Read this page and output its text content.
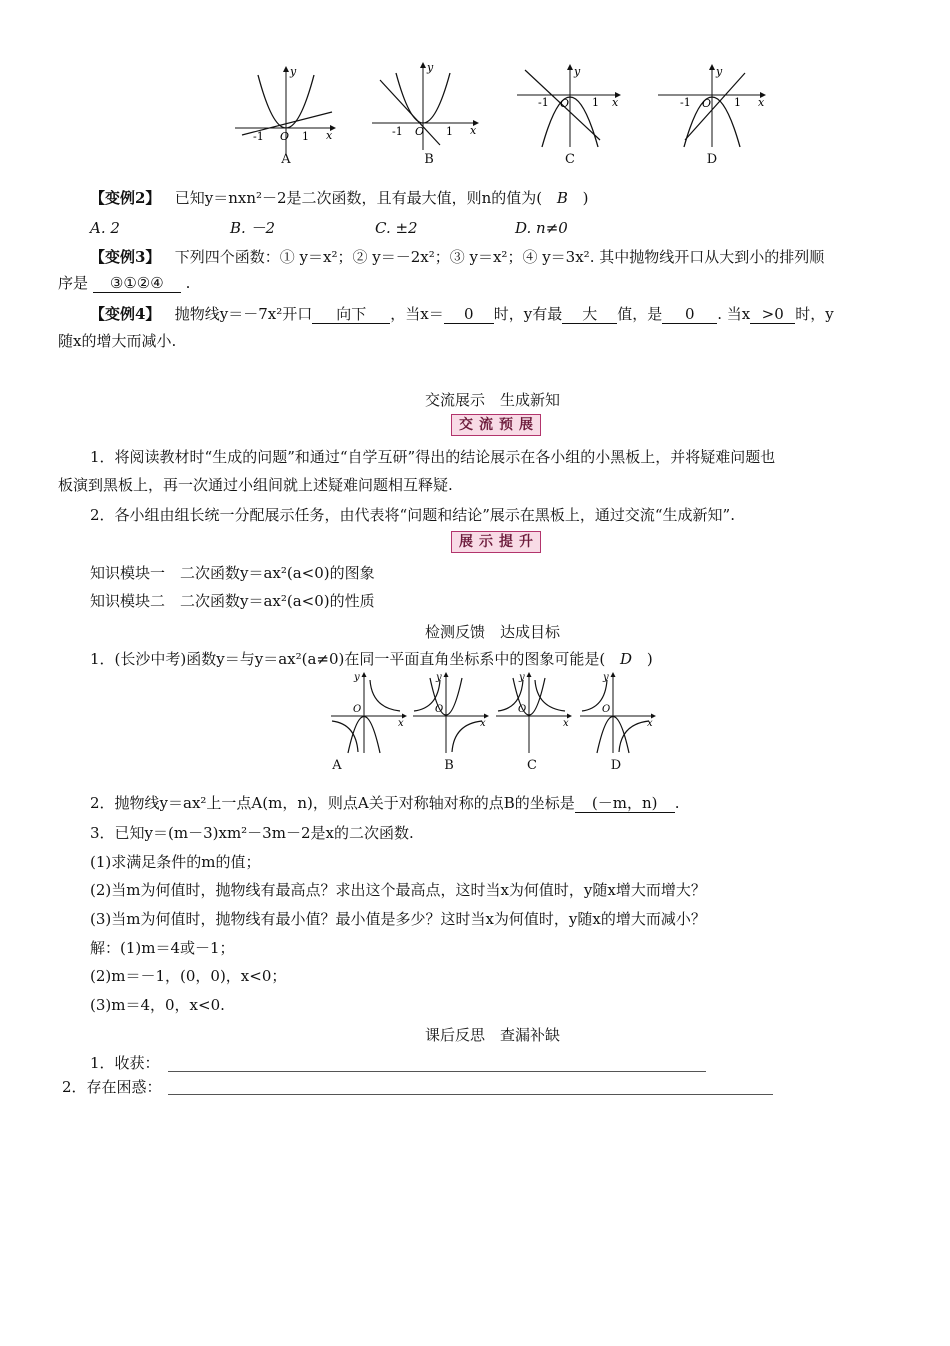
y
x
O
-1	1
y
x
O
-1	1
y
x
O
-1	1
y
x
O
-1	1
A	B	C	D
【变例2】 已知y＝nxn²－2是二次函数，且有最大值，则n的值为( B )
A. 2	B. －2	C. ±2	D. n≠0
【变例3】 下列四个函数：① y＝x²；② y＝－2x²；③ y＝x²；④ y＝3x². 其中抛物线开口从大到小的排列顺
序是 ③①②④ .
【变例4】 抛物线y＝－7x²开口 向下 ，当x＝ 0 时，y有最 大 值，是 0 . 当x >0 时，y
随x的增大而减小.
交流展示　生成新知
交流预展
1．将阅读教材时“生成的问题”和通过“自学互研”得出的结论展示在各小组的小黑板上，并将疑难问题也
板演到黑板上，再一次通过小组间就上述疑难问题相互释疑.
2．各小组由组长统一分配展示任务，由代表将“问题和结论”展示在黑板上，通过交流“生成新知”.
展示提升
知识模块一　二次函数y＝ax²(a<0)的图象
知识模块二　二次函数y＝ax²(a<0)的性质
检测反馈　达成目标
1．(长沙中考)函数y＝与y＝ax²(a≠0)在同一平面直角坐标系中的图象可能是( D )
y
x
O
y
x
O
y
x
O
y
x
O
A	B	C	D
2．抛物线y＝ax²上一点A(m，n)，则点A关于对称轴对称的点B的坐标是 (－m，n) .
3．已知y＝(m－3)xm²－3m－2是x的二次函数.
(1)求满足条件的m的值；
(2)当m为何值时，抛物线有最高点？求出这个最高点，这时当x为何值时，y随x增大而增大？
(3)当m为何值时，抛物线有最小值？最小值是多少？这时当x为何值时，y随x的增大而减小？
解：(1)m＝4或－1；
(2)m＝－1，(0，0)，x<0；
(3)m＝4，0，x<0.
课后反思　查漏补缺
1．收获：
2．存在困惑：
